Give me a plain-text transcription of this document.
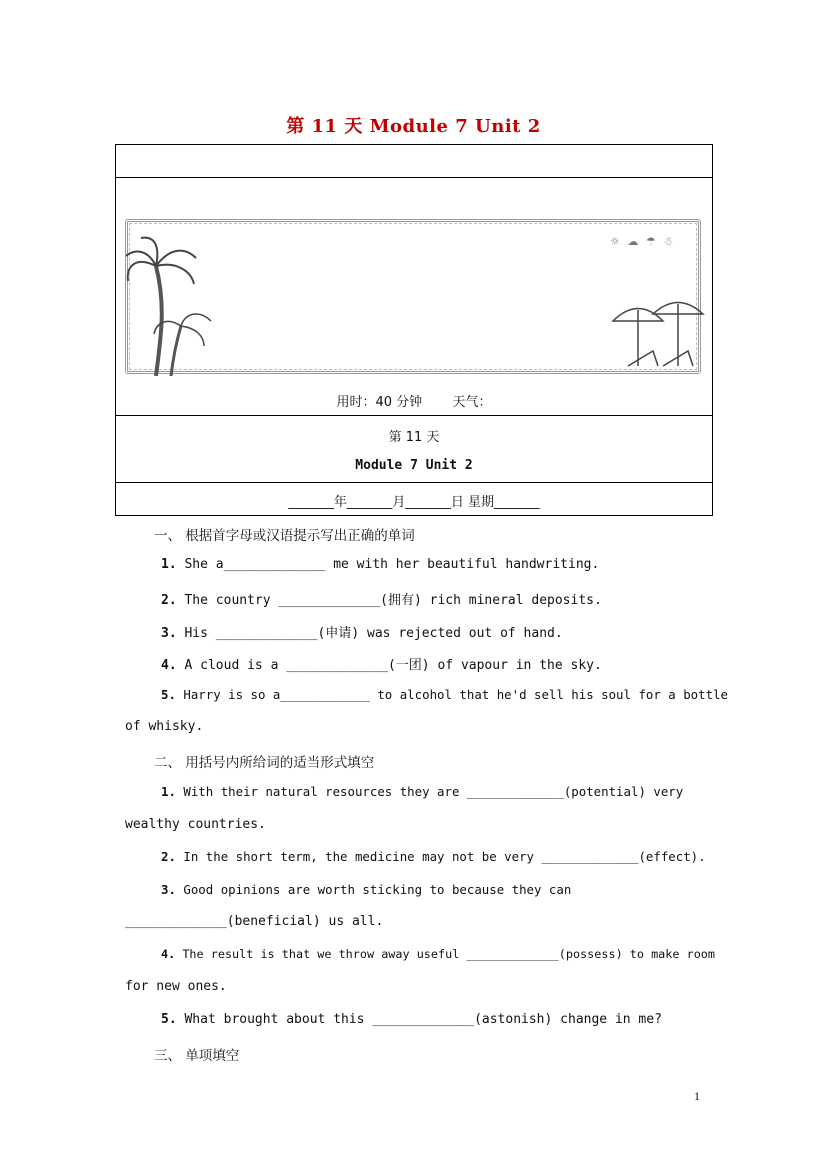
第 11 天 Module 7 Unit 2
☼ ☁ ☂ ☃
用时：40 分钟 天气：
第 11 天
Module 7 Unit 2
_______年_______月_______日 星期_______
一、 根据首字母或汉语提示写出正确的单词
1. She a_____________ me with her beautiful handwriting.
2. The country _____________(拥有) rich mineral deposits.
3. His _____________(申请) was rejected out of hand.
4. A cloud is a _____________(一团) of vapour in the sky.
5. Harry is so a____________ to alcohol that he'd sell his soul for a bottle
of whisky.
二、 用括号内所给词的适当形式填空
1. With their natural resources they are _____________(potential) very
wealthy countries.
2. In the short term, the medicine may not be very _____________(effect).
3. Good opinions are worth sticking to because they can
_____________(beneficial) us all.
4. The result is that we throw away useful _____________(possess) to make room
for new ones.
5. What brought about this _____________(astonish) change in me?
三、 单项填空
1
